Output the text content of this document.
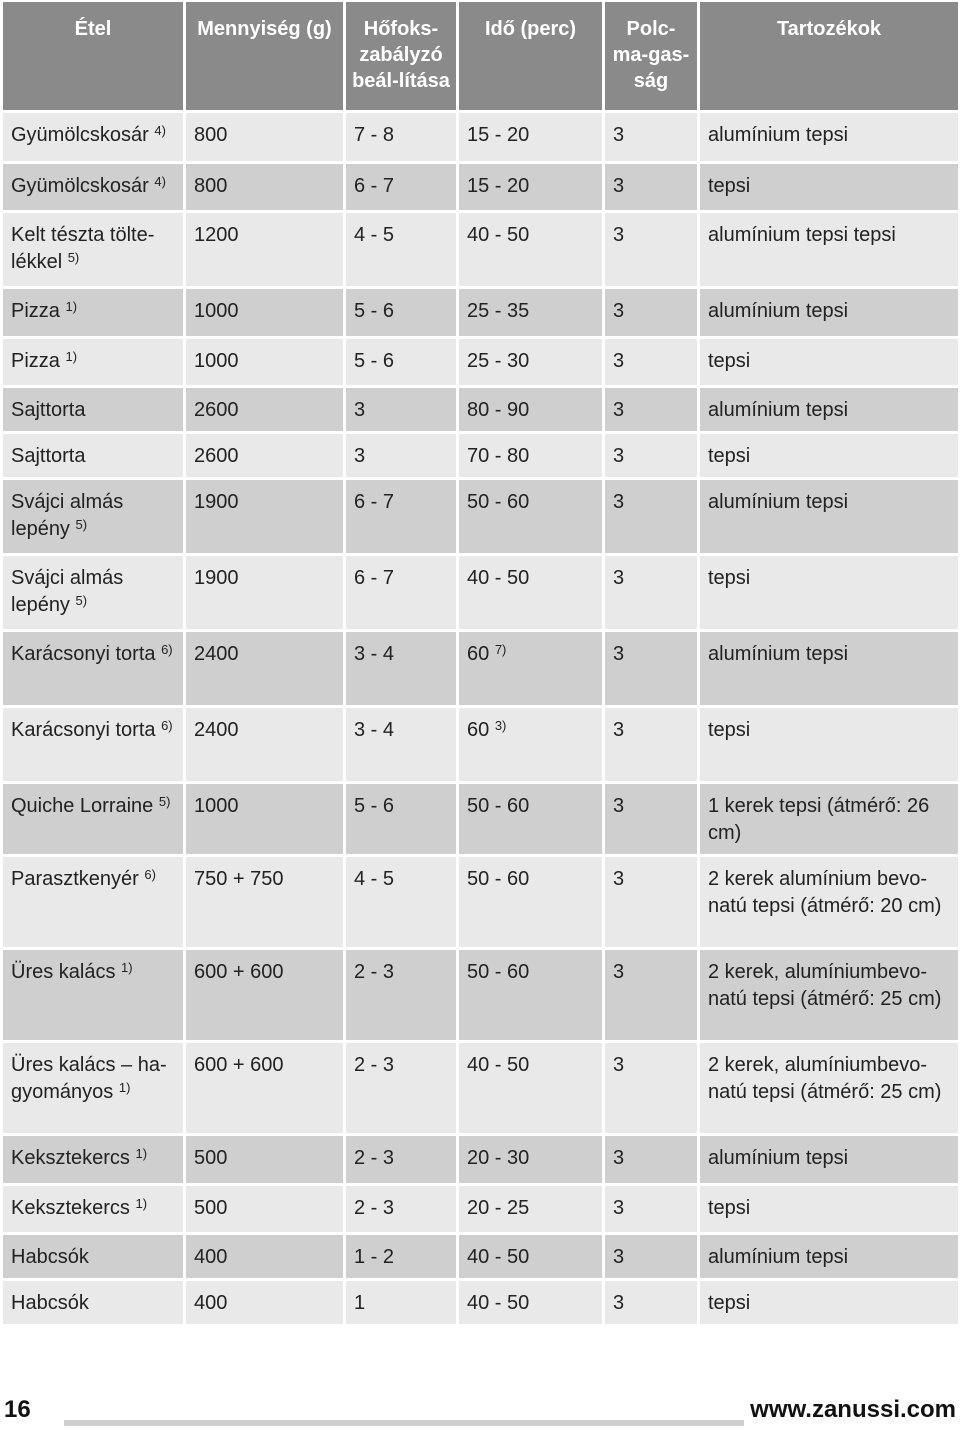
Étel	Mennyiség (g)	Hőfoks-zabályzó beál-lítása	Idő (perc)	Polc-ma-gas-ság	Tartozékok
Gyümölcskosár $^{4)}$	800	7 - 8	15 - 20	3	alumínium tepsi
Gyümölcskosár $^{4)}$	800	6 - 7	15 - 20	3	tepsi
Kelt tészta tölte-lékkel $^{5)}$	1200	4 - 5	40 - 50	3	alumínium tepsi tepsi
Pizza $^{1)}$	1000	5 - 6	25 - 35	3	alumínium tepsi
Pizza $^{1)}$	1000	5 - 6	25 - 30	3	tepsi
Sajttorta	2600	3	80 - 90	3	alumínium tepsi
Sajttorta	2600	3	70 - 80	3	tepsi
Svájci almás lepény $^{5)}$	1900	6 - 7	50 - 60	3	alumínium tepsi
Svájci almás lepény $^{5)}$	1900	6 - 7	40 - 50	3	tepsi
Karácsonyi torta $^{6)}$	2400	3 - 4	60 $^{7)}$	3	alumínium tepsi
Karácsonyi torta $^{6)}$	2400	3 - 4	60 $^{3)}$	3	tepsi
Quiche Lorraine $^{5)}$	1000	5 - 6	50 - 60	3	1 kerek tepsi (átmérő: 26 cm)
Parasztkenyér $^{6)}$	750 + 750	4 - 5	50 - 60	3	2 kerek alumínium bevo-natú tepsi (átmérő: 20 cm)
Üres kalács $^{1)}$	600 + 600	2 - 3	50 - 60	3	2 kerek, alumíniumbevo-natú tepsi (átmérő: 25 cm)
Üres kalács – ha-gyományos $^{1)}$	600 + 600	2 - 3	40 - 50	3	2 kerek, alumíniumbevo-natú tepsi (átmérő: 25 cm)
Keksztekercs $^{1)}$	500	2 - 3	20 - 30	3	alumínium tepsi
Keksztekercs $^{1)}$	500	2 - 3	20 - 25	3	tepsi
Habcsók	400	1 - 2	40 - 50	3	alumínium tepsi
Habcsók	400	1	40 - 50	3	tepsi
16	www.zanussi.com
